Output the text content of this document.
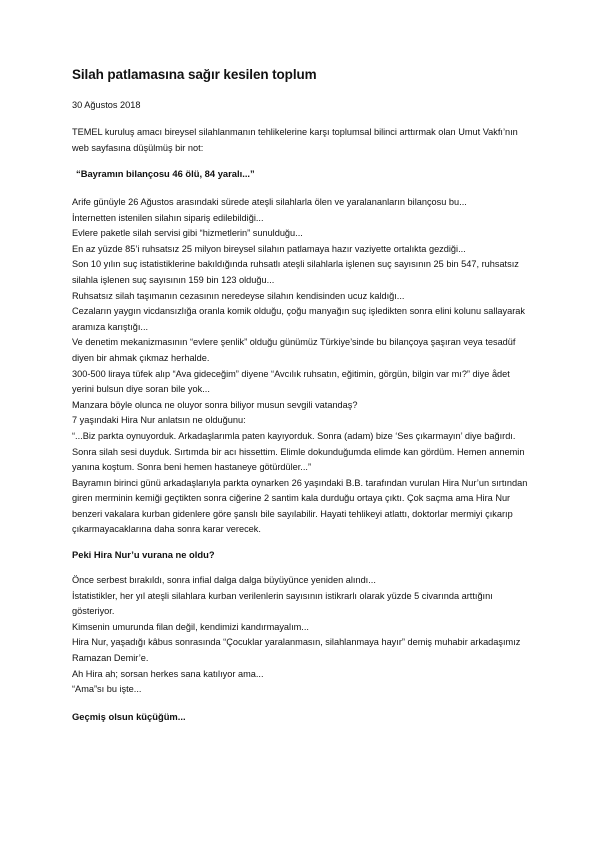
Silah patlamasına sağır kesilen toplum

30 Ağustos 2018

TEMEL kuruluş amacı bireysel silahlanmanın tehlikelerine karşı toplumsal bilinci arttırmak olan Umut Vakfı’nın web sayfasına düşülmüş bir not:

“Bayramın bilançosu 46 ölü, 84 yaralı...”

Arife günüyle 26 Ağustos arasındaki sürede ateşli silahlarla ölen ve yaralananların bilançosu bu...
İnternetten istenilen silahın sipariş edilebildiği...
Evlere paketle silah servisi gibi “hizmetlerin” sunulduğu...
En az yüzde 85’i ruhsatsız 25 milyon bireysel silahın patlamaya hazır vaziyette ortalıkta gezdiği...
Son 10 yılın suç istatistiklerine bakıldığında ruhsatlı ateşli silahlarla işlenen suç sayısının 25 bin 547, ruhsatsız silahla işlenen suç sayısının 159 bin 123 olduğu...
Ruhsatsız silah taşımanın cezasının neredeyse silahın kendisinden ucuz kaldığı...
Cezaların yaygın vicdansızlığa oranla komik olduğu, çoğu manyağın suç işledikten sonra elini kolunu sallayarak aramıza karıştığı...
Ve denetim mekanizmasının “evlere şenlik” olduğu günümüz Türkiye’sinde bu bilançoya şaşıran veya tesadüf diyen bir ahmak çıkmaz herhalde.
300-500 liraya tüfek alıp “Ava gideceğim” diyene “Avcılık ruhsatın, eğitimin, görgün, bilgin var mı?” diye ådet yerini bulsun diye soran bile yok...
Manzara böyle olunca ne oluyor sonra biliyor musun sevgili vatandaş?
7 yaşındaki Hira Nur anlatsın ne olduğunu:
“...Biz parkta oynuyorduk. Arkadaşlarımla paten kayıyorduk. Sonra (adam) bize ‘Ses çıkarmayın’ diye bağırdı. Sonra silah sesi duyduk. Sırtımda bir acı hissettim. Elimle dokunduğumda elimde kan gördüm. Hemen annemin yanına koştum. Sonra beni hemen hastaneye götürdüler...”
Bayramın birinci günü arkadaşlarıyla parkta oynarken 26 yaşındaki B.B. tarafından vurulan Hira Nur’un sırtından giren merminin kemiği geçtikten sonra ciğerine 2 santim kala durduğu ortaya çıktı. Çok saçma ama Hira Nur benzeri vakalara kurban gidenlere göre şanslı bile sayılabilir. Hayati tehlikeyi atlattı, doktorlar mermiyi çıkarıp çıkarmayacaklarına daha sonra karar verecek.

Peki Hira Nur’u vurana ne oldu?

Önce serbest bırakıldı, sonra infial dalga dalga büyüyünce yeniden alındı...
İstatistikler, her yıl ateşli silahlara kurban verilenlerin sayısının istikrarlı olarak yüzde 5 civarında arttığını gösteriyor.
Kimsenin umurunda filan değil, kendimizi kandırmayalım...
Hira Nur, yaşadığı kâbus sonrasında “Çocuklar yaralanmasın, silahlanmaya hayır” demiş muhabir arkadaşımız Ramazan Demir’e.
Ah Hira ah; sorsan herkes sana katılıyor ama...
“Ama”sı bu işte...

Geçmiş olsun küçüğüm...
